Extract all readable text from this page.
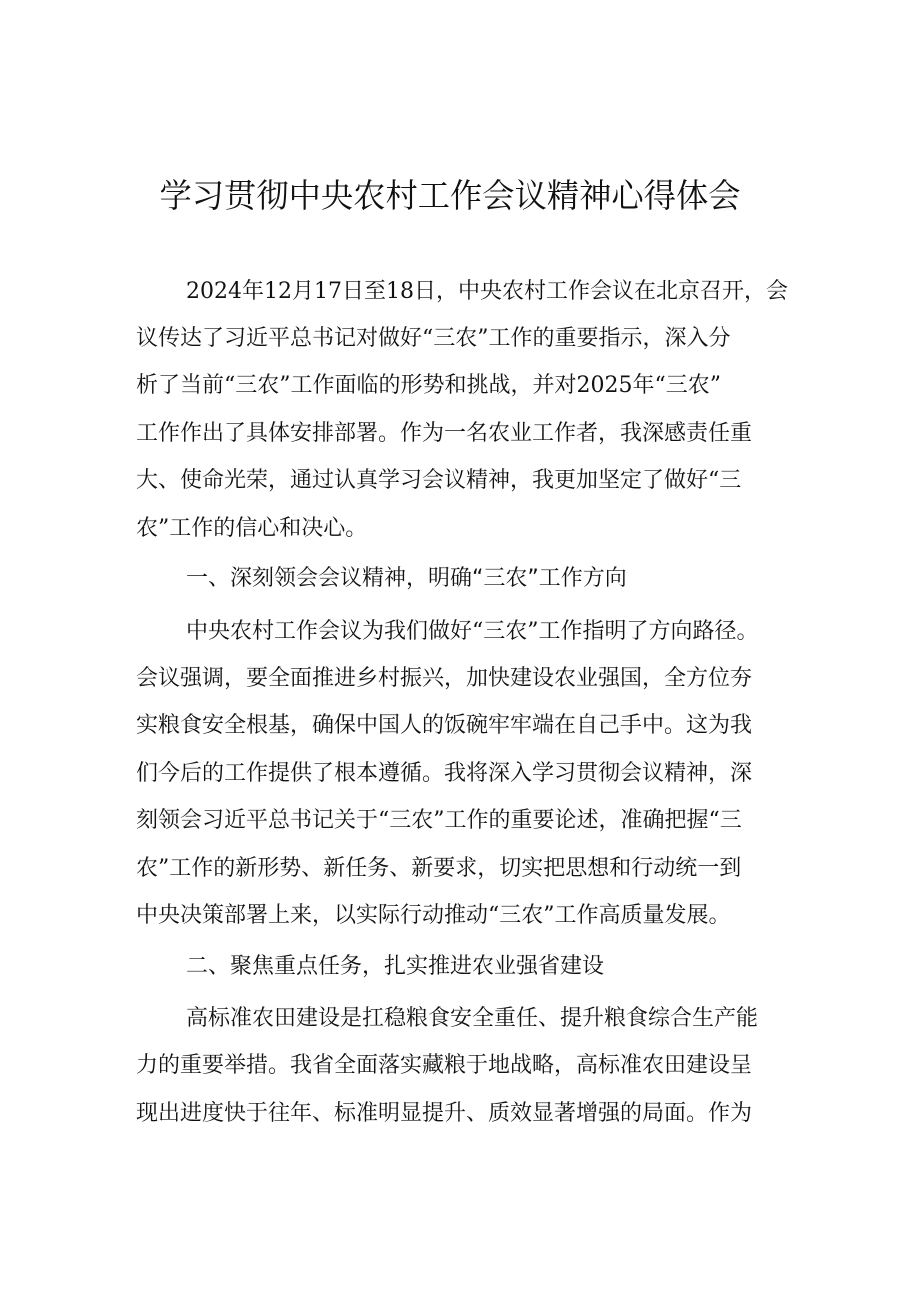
学习贯彻中央农村工作会议精神心得体会
2024年12月17日至18日，中央农村工作会议在北京召开，会
议传达了习近平总书记对做好“三农”工作的重要指示，深入分
析了当前“三农”工作面临的形势和挑战，并对2025年“三农”
工作作出了具体安排部署。作为一名农业工作者，我深感责任重
大、使命光荣，通过认真学习会议精神，我更加坚定了做好“三
农”工作的信心和决心。
一、深刻领会会议精神，明确“三农”工作方向
中央农村工作会议为我们做好“三农”工作指明了方向路径。
会议强调，要全面推进乡村振兴，加快建设农业强国，全方位夯
实粮食安全根基，确保中国人的饭碗牢牢端在自己手中。这为我
们今后的工作提供了根本遵循。我将深入学习贯彻会议精神，深
刻领会习近平总书记关于“三农”工作的重要论述，准确把握“三
农”工作的新形势、新任务、新要求，切实把思想和行动统一到
中央决策部署上来，以实际行动推动“三农”工作高质量发展。
二、聚焦重点任务，扎实推进农业强省建设
高标准农田建设是扛稳粮食安全重任、提升粮食综合生产能
力的重要举措。我省全面落实藏粮于地战略，高标准农田建设呈
现出进度快于往年、标准明显提升、质效显著增强的局面。作为
